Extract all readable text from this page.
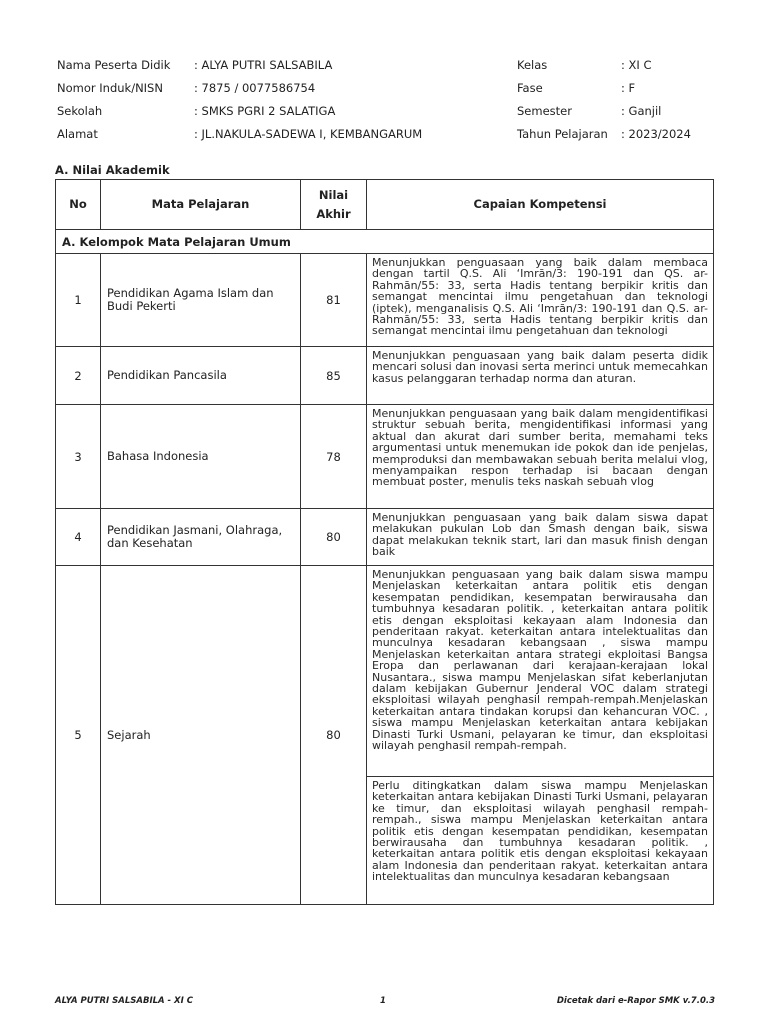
Nama Peserta Didik	: ALYA PUTRI SALSABILA	Kelas	: XI C
Nomor Induk/NISN	: 7875 / 0077586754	Fase	: F
Sekolah	: SMKS PGRI 2 SALATIGA	Semester	: Ganjil
Alamat	: JL.NAKULA-SADEWA I, KEMBANGARUM	Tahun Pelajaran	: 2023/2024
A. Nilai Akademik
No	Mata Pelajaran	Nilai Akhir	Capaian Kompetensi
A. Kelompok Mata Pelajaran Umum			
1	Pendidikan Agama Islam dan Budi Pekerti	81	Menunjukkan penguasaan yang baik dalam membaca dengan tartil Q.S. Ali ‘Imrān/3: 190-191 dan QS. ar-Rahmān/55: 33, serta Hadis tentang berpikir kritis dan semangat mencintai ilmu pengetahuan dan teknologi (iptek), menganalisis Q.S. Ali ‘Imrān/3: 190-191 dan Q.S. ar-Rahmān/55: 33, serta Hadis tentang berpikir kritis dan semangat mencintai ilmu pengetahuan dan teknologi
2	Pendidikan Pancasila	85	Menunjukkan penguasaan yang baik dalam peserta didik mencari solusi dan inovasi serta merinci untuk memecahkan kasus pelanggaran terhadap norma dan aturan.
3	Bahasa Indonesia	78	Menunjukkan penguasaan yang baik dalam mengidentifikasi struktur sebuah berita, mengidentifikasi informasi yang aktual dan akurat dari sumber berita, memahami teks argumentasi untuk menemukan ide pokok dan ide penjelas, memproduksi dan membawakan sebuah berita melalui vlog, menyampaikan respon terhadap isi bacaan dengan membuat poster, menulis teks naskah sebuah vlog
4	Pendidikan Jasmani, Olahraga, dan Kesehatan	80	Menunjukkan penguasaan yang baik dalam siswa dapat melakukan pukulan Lob dan Smash dengan baik, siswa dapat melakukan teknik start, lari dan masuk finish dengan baik
5	Sejarah	80	Menunjukkan penguasaan yang baik dalam siswa mampu Menjelaskan keterkaitan antara politik etis dengan kesempatan pendidikan, kesempatan berwirausaha dan tumbuhnya kesadaran politik. , keterkaitan antara politik etis dengan eksploitasi kekayaan alam Indonesia dan penderitaan rakyat. keterkaitan antara intelektualitas dan munculnya kesadaran kebangsaan , siswa mampu Menjelaskan keterkaitan antara strategi ekploitasi Bangsa Eropa dan perlawanan dari kerajaan-kerajaan lokal Nusantara., siswa mampu Menjelaskan sifat keberlanjutan dalam kebijakan Gubernur Jenderal VOC dalam strategi eksploitasi wilayah penghasil rempah-rempah.Menjelaskan keterkaitan antara tindakan korupsi dan kehancuran VOC. , siswa mampu Menjelaskan keterkaitan antara kebijakan Dinasti Turki Usmani, pelayaran ke timur, dan eksploitasi wilayah penghasil rempah-rempah.
			Perlu ditingkatkan dalam siswa mampu Menjelaskan keterkaitan antara kebijakan Dinasti Turki Usmani, pelayaran ke timur, dan eksploitasi wilayah penghasil rempah-rempah., siswa mampu Menjelaskan keterkaitan antara politik etis dengan kesempatan pendidikan, kesempatan berwirausaha dan tumbuhnya kesadaran politik. , keterkaitan antara politik etis dengan eksploitasi kekayaan alam Indonesia dan penderitaan rakyat. keterkaitan antara intelektualitas dan munculnya kesadaran kebangsaan
ALYA PUTRI SALSABILA - XI C	1	Dicetak dari e-Rapor SMK v.7.0.3
